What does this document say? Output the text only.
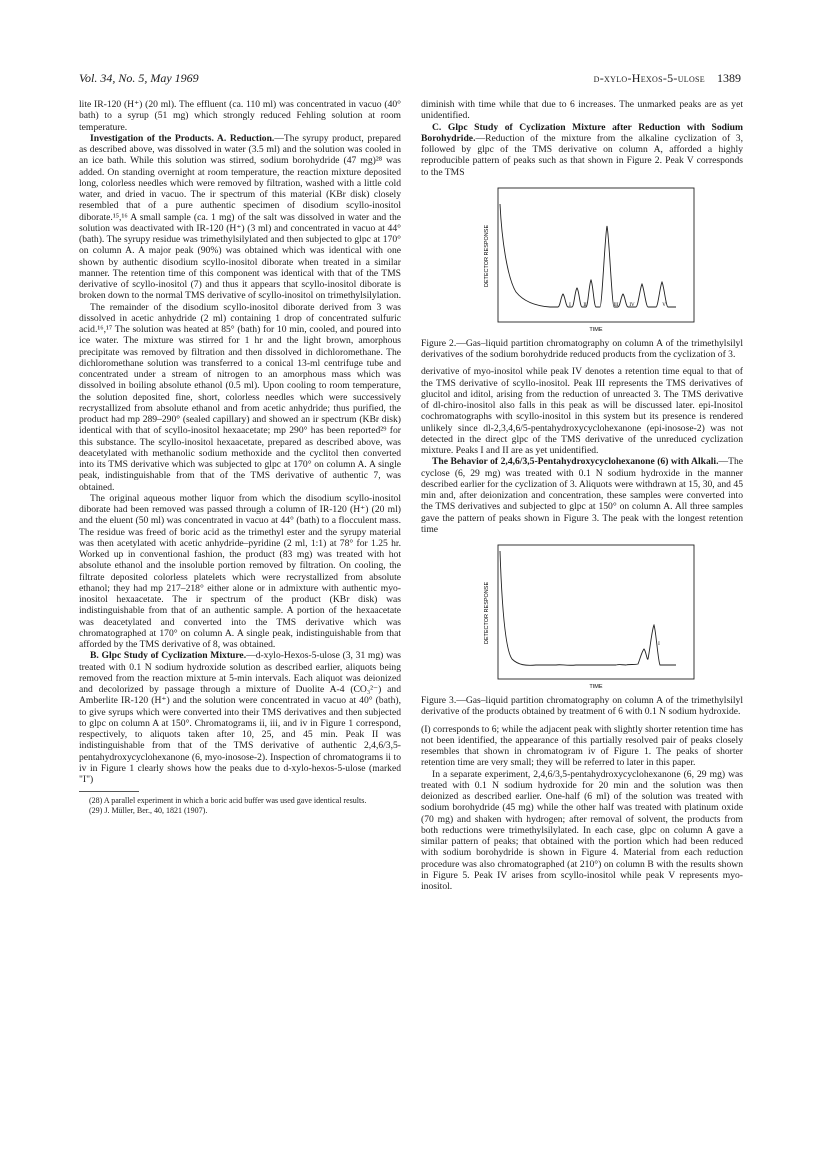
Vol. 34, No. 5, May 1969	d-xylo-Hexos-5-ulose 1389

lite IR-120 (H⁺) (20 ml). The effluent (ca. 110 ml) was concentrated in vacuo (40° bath) to a syrup (51 mg) which strongly reduced Fehling solution at room temperature.

Investigation of the Products. A. Reduction.—The syrupy product, prepared as described above, was dissolved in water (3.5 ml) and the solution was cooled in an ice bath. While this solution was stirred, sodium borohydride (47 mg)²⁸ was added. On standing overnight at room temperature, the reaction mixture deposited long, colorless needles which were removed by filtration, washed with a little cold water, and dried in vacuo. The ir spectrum of this material (KBr disk) closely resembled that of a pure authentic specimen of disodium scyllo-inositol diborate.¹⁵,¹⁶ A small sample (ca. 1 mg) of the salt was dissolved in water and the solution was deactivated with IR-120 (H⁺) (3 ml) and concentrated in vacuo at 44° (bath). The syrupy residue was trimethylsilylated and then subjected to glpc at 170° on column A. A major peak (90%) was obtained which was identical with one shown by authentic disodium scyllo-inositol diborate when treated in a similar manner. The retention time of this component was identical with that of the TMS derivative of scyllo-inositol (7) and thus it appears that scyllo-inositol diborate is broken down to the normal TMS derivative of scyllo-inositol on trimethylsilylation.

The remainder of the disodium scyllo-inositol diborate derived from 3 was dissolved in acetic anhydride (2 ml) containing 1 drop of concentrated sulfuric acid.¹⁶,¹⁷ The solution was heated at 85° (bath) for 10 min, cooled, and poured into ice water. The mixture was stirred for 1 hr and the light brown, amorphous precipitate was removed by filtration and then dissolved in dichloromethane. The dichloromethane solution was transferred to a conical 13-ml centrifuge tube and concentrated under a stream of nitrogen to an amorphous mass which was dissolved in boiling absolute ethanol (0.5 ml). Upon cooling to room temperature, the solution deposited fine, short, colorless needles which were successively recrystallized from absolute ethanol and from acetic anhydride; thus purified, the product had mp 289–290° (sealed capillary) and showed an ir spectrum (KBr disk) identical with that of scyllo-inositol hexaacetate; mp 290° has been reported²⁹ for this substance. The scyllo-inositol hexaacetate, prepared as described above, was deacetylated with methanolic sodium methoxide and the cyclitol then converted into its TMS derivative which was subjected to glpc at 170° on column A. A single peak, indistinguishable from that of the TMS derivative of authentic 7, was obtained.

The original aqueous mother liquor from which the disodium scyllo-inositol diborate had been removed was passed through a column of IR-120 (H⁺) (20 ml) and the eluent (50 ml) was concentrated in vacuo at 44° (bath) to a flocculent mass. The residue was freed of boric acid as the trimethyl ester and the syrupy material was then acetylated with acetic anhydride–pyridine (2 ml, 1:1) at 78° for 1.25 hr. Worked up in conventional fashion, the product (83 mg) was treated with hot absolute ethanol and the insoluble portion removed by filtration. On cooling, the filtrate deposited colorless platelets which were recrystallized from absolute ethanol; they had mp 217–218° either alone or in admixture with authentic myo-inositol hexaacetate. The ir spectrum of the product (KBr disk) was indistinguishable from that of an authentic sample. A portion of the hexaacetate was deacetylated and converted into the TMS derivative which was chromatographed at 170° on column A. A single peak, indistinguishable from that afforded by the TMS derivative of 8, was obtained.

B. Glpc Study of Cyclization Mixture.—d-xylo-Hexos-5-ulose (3, 31 mg) was treated with 0.1 N sodium hydroxide solution as described earlier, aliquots being removed from the reaction mixture at 5-min intervals. Each aliquot was deionized and decolorized by passage through a mixture of Duolite A-4 (CO₃²⁻) and Amberlite IR-120 (H⁺) and the solution were concentrated in vacuo at 40° (bath), to give syrups which were converted into their TMS derivatives and then subjected to glpc on column A at 150°. Chromatograms ii, iii, and iv in Figure 1 correspond, respectively, to aliquots taken after 10, 25, and 45 min. Peak II was indistinguishable from that of the TMS derivative of authentic 2,4,6/3,5-pentahydroxycyclohexanone (6, myo-inosose-2). Inspection of chromatograms ii to iv in Figure 1 clearly shows how the peaks due to d-xylo-hexos-5-ulose (marked "I")

(28) A parallel experiment in which a boric acid buffer was used gave identical results.

(29) J. Müller, Ber., 40, 1821 (1907).

diminish with time while that due to 6 increases. The unmarked peaks are as yet unidentified.

C. Glpc Study of Cyclization Mixture after Reduction with Sodium Borohydride.—Reduction of the mixture from the alkaline cyclization of 3, followed by glpc of the TMS derivative on column A, afforded a highly reproducible pattern of peaks such as that shown in Figure 2. Peak V corresponds to the TMS

DETECTOR RESPONSE
TIME
I II	III IV	V

Figure 2.—Gas–liquid partition chromatography on column A of the trimethylsilyl derivatives of the sodium borohydride reduced products from the cyclization of 3.

derivative of myo-inositol while peak IV denotes a retention time equal to that of the TMS derivative of scyllo-inositol. Peak III represents the TMS derivatives of glucitol and iditol, arising from the reduction of unreacted 3. The TMS derivative of dl-chiro-inositol also falls in this peak as will be discussed later. epi-Inositol cochromatographs with scyllo-inositol in this system but its presence is rendered unlikely since dl-2,3,4,6/5-pentahydroxycyclohexanone (epi-inosose-2) was not detected in the direct glpc of the TMS derivative of the unreduced cyclization mixture. Peaks I and II are as yet unidentified.

The Behavior of 2,4,6/3,5-Pentahydroxycyclohexanone (6) with Alkali.—The cyclose (6, 29 mg) was treated with 0.1 N sodium hydroxide in the manner described earlier for the cyclization of 3. Aliquots were withdrawn at 15, 30, and 45 min and, after deionization and concentration, these samples were converted into the TMS derivatives and subjected to glpc at 150° on column A. All three samples gave the pattern of peaks shown in Figure 3. The peak with the longest retention time

DETECTOR RESPONSE
TIME
I

Figure 3.—Gas–liquid partition chromatography on column A of the trimethylsilyl derivative of the products obtained by treatment of 6 with 0.1 N sodium hydroxide.

(I) corresponds to 6; while the adjacent peak with slightly shorter retention time has not been identified, the appearance of this partially resolved pair of peaks closely resembles that shown in chromatogram iv of Figure 1. The peaks of shorter retention time are very small; they will be referred to later in this paper.

In a separate experiment, 2,4,6/3,5-pentahydroxycyclohexanone (6, 29 mg) was treated with 0.1 N sodium hydroxide for 20 min and the solution was then deionized as described earlier. One-half (6 ml) of the solution was treated with sodium borohydride (45 mg) while the other half was treated with platinum oxide (70 mg) and shaken with hydrogen; after removal of solvent, the products from both reductions were trimethylsilylated. In each case, glpc on column A gave a similar pattern of peaks; that obtained with the portion which had been reduced with sodium borohydride is shown in Figure 4. Material from each reduction procedure was also chromatographed (at 210°) on column B with the results shown in Figure 5. Peak IV arises from scyllo-inositol while peak V represents myo-inositol.
